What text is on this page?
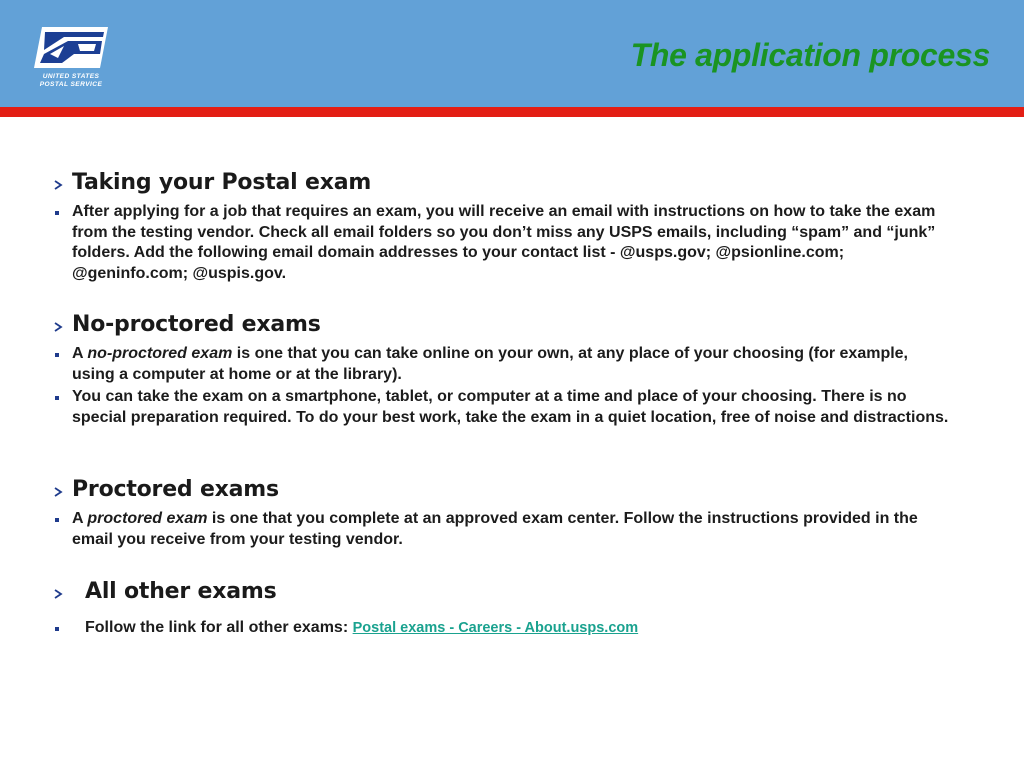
UNITED STATES
POSTAL SERVICE
The application process
Taking your Postal exam
After applying for a job that requires an exam, you will receive an email with instructions on how to take the exam from the testing vendor. Check all email folders so you don’t miss any USPS emails, including “spam” and “junk” folders. Add the following email domain addresses to your contact list - @usps.gov; @psionline.com; @geninfo.com; @uspis.gov.
No-proctored exams
A no-proctored exam is one that you can take online on your own, at any place of your choosing (for example, using a computer at home or at the library).
You can take the exam on a smartphone, tablet, or computer at a time and place of your choosing. There is no special preparation required. To do your best work, take the exam in a quiet location, free of noise and distractions.
Proctored exams
A proctored exam is one that you complete at an approved exam center. Follow the instructions provided in the email you receive from your testing vendor.
All other exams
Follow the link for all other exams: Postal exams - Careers - About.usps.com
